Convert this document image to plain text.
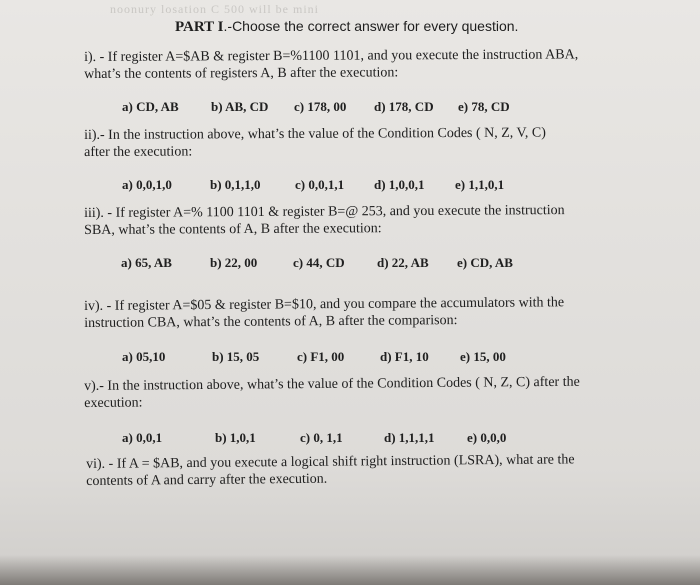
noonury losation C 500 will be mini
PART I.-Choose the correct answer for every question.
i). - If register A=$AB & register B=%1100 1101, and you execute the instruction ABA,
what’s the contents of registers A, B after the execution:
a) CD, AB b) AB, CD c) 178, 00 d) 178, CD e) 78, CD
ii).- In the instruction above, what’s the value of the Condition Codes ( N, Z, V, C)
after the execution:
a) 0,0,1,0	b) 0,1,1,0	c) 0,0,1,1 d) 1,0,0,1 e) 1,1,0,1
iii). - If register A=% 1100 1101 & register B=@ 253, and you execute the instruction
SBA, what’s the contents of A, B after the execution:
a) 65, AB	b) 22, 00	c) 44, CD d) 22, AB e) CD, AB
iv). - If register A=$05 & register B=$10, and you compare the accumulators with the
instruction CBA, what’s the contents of A, B after the comparison:
a) 05,10	b) 15, 05	c) F1, 00	d) F1, 10 e) 15, 00
v).- In the instruction above, what’s the value of the Condition Codes ( N, Z, C) after the
execution:
a) 0,0,1	b) 1,0,1	c) 0, 1,1	d) 1,1,1,1 e) 0,0,0
vi). - If A = $AB, and you execute a logical shift right instruction (LSRA), what are the
contents of A and carry after the execution.
